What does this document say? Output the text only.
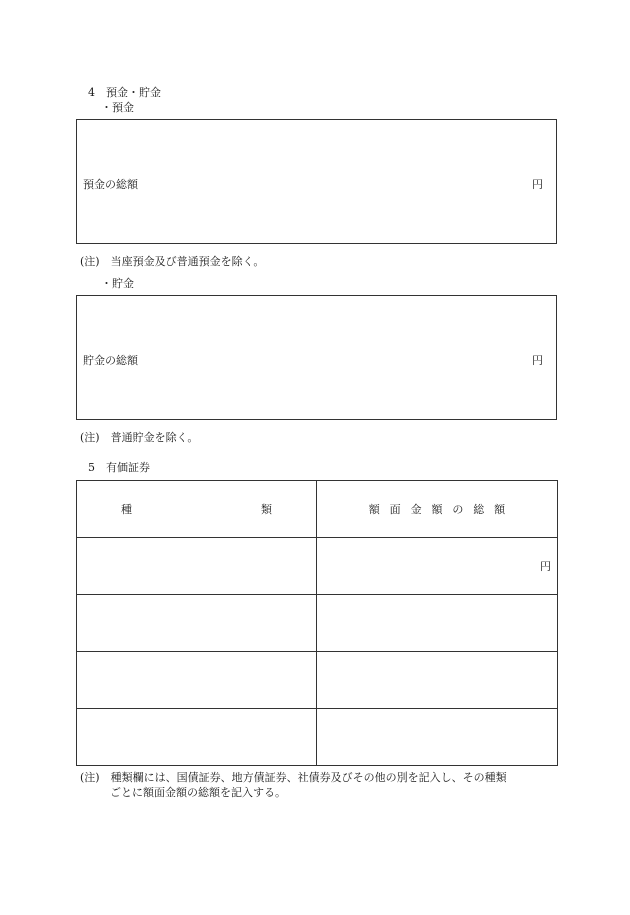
4　預金・貯金
・預金
預金の総額	円
(注)　当座預金及び普通預金を除く。
・貯金
貯金の総額	円
(注)　普通貯金を除く。
5　有価証券
種 類	額面金額の総額

	円

(注)　種類欄には、国債証券、地方債証券、社債券及びその他の別を記入し、その種類
ごとに額面金額の総額を記入する。
